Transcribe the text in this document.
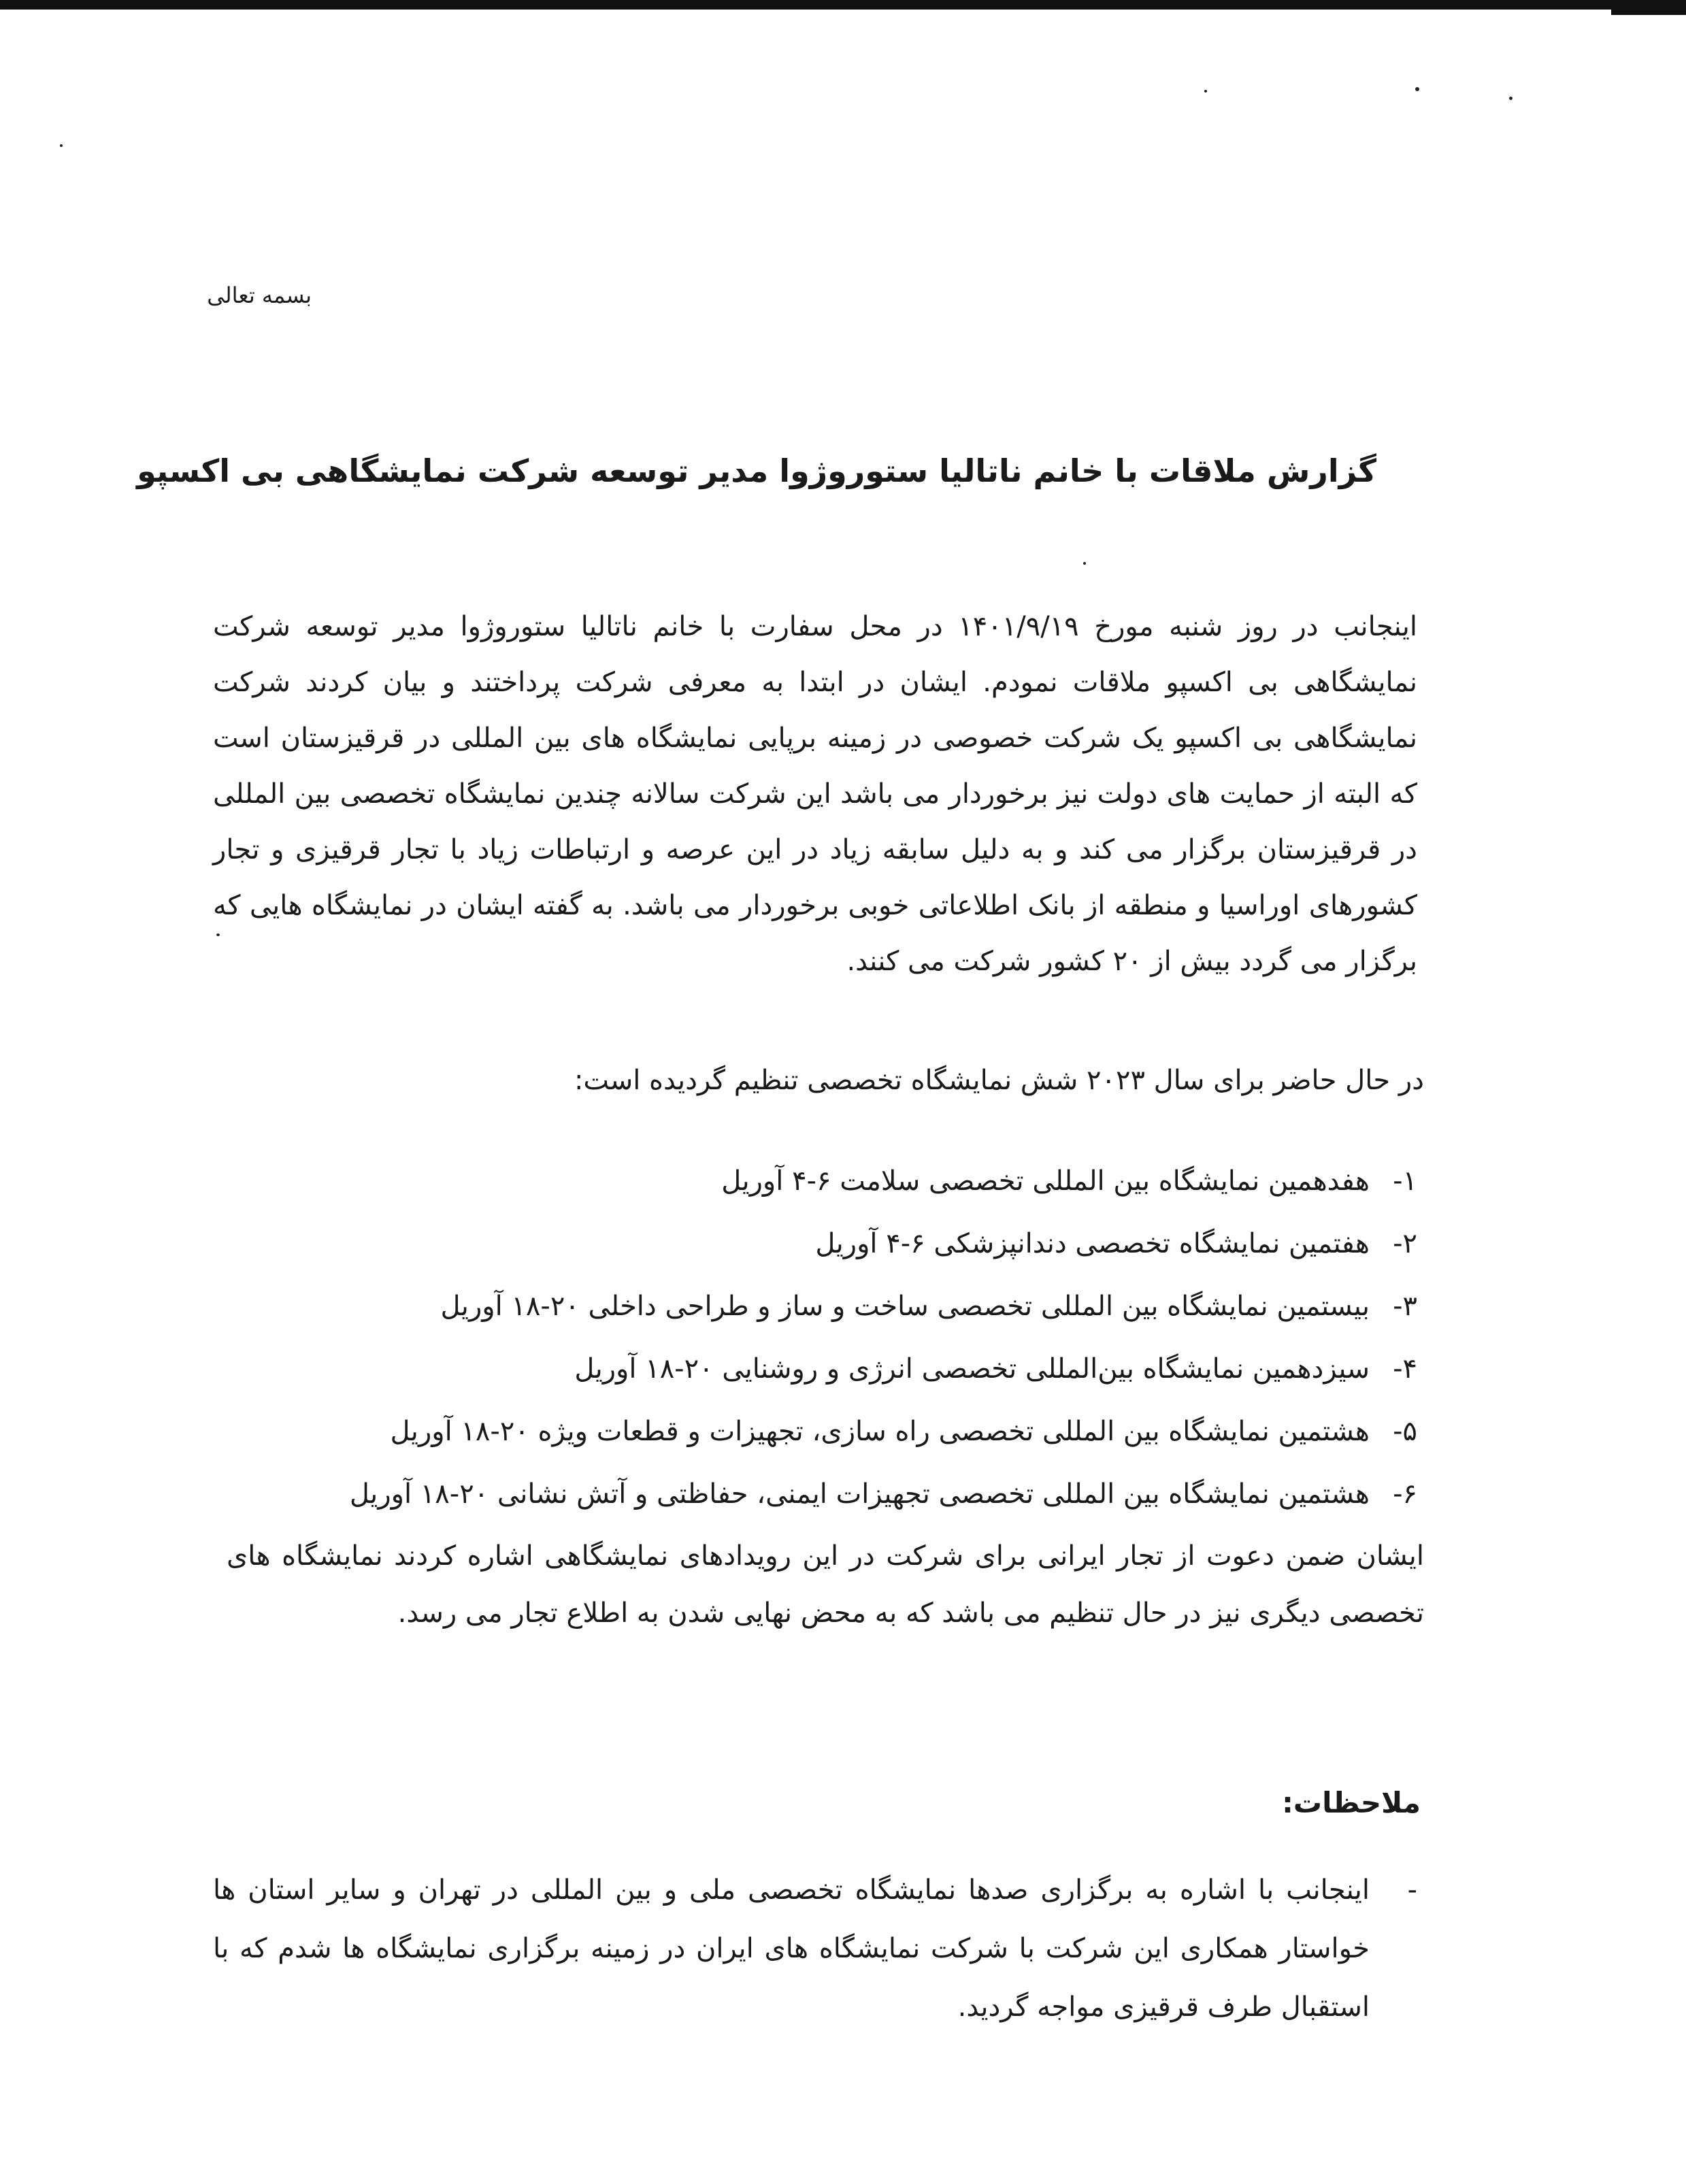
بسمه تعالی
گزارش ملاقات با خانم ناتالیا ستوروژوا مدیر توسعه شرکت نمایشگاهی بی اکسپو

اینجانب در روز شنبه مورخ ۱۴۰۱/۹/۱۹ در محل سفارت با خانم ناتالیا ستوروژوا مدیر توسعه شرکت نمایشگاهی بی اکسپو ملاقات نمودم. ایشان در ابتدا به معرفی شرکت پرداختند و بیان کردند شرکت نمایشگاهی بی اکسپو یک شرکت خصوصی در زمینه برپایی نمایشگاه های بین المللی در قرقیزستان است که البته از حمایت های دولت نیز برخوردار می باشد این شرکت سالانه چندین نمایشگاه تخصصی بین المللی در قرقیزستان برگزار می کند و به دلیل سابقه زیاد در این عرصه و ارتباطات زیاد با تجار قرقیزی و تجار کشورهای اوراسیا و منطقه از بانک اطلاعاتی خوبی برخوردار می باشد. به گفته ایشان در نمایشگاه هایی که برگزار می گردد بیش از ۲۰ کشور شرکت می کنند.

در حال حاضر برای سال ۲۰۲۳ شش نمایشگاه تخصصی تنظیم گردیده است:
۱-هفدهمین نمایشگاه بین المللی تخصصی سلامت ۶-۴ آوریل
۲-هفتمین نمایشگاه تخصصی دندانپزشکی ۶-۴ آوریل
۳-بیستمین نمایشگاه بین المللی تخصصی ساخت و ساز و طراحی داخلی ۲۰-۱۸ آوریل
۴-سیزدهمین نمایشگاه بین‌المللی تخصصی انرژی و روشنایی ۲۰-۱۸ آوریل
۵-هشتمین نمایشگاه بین المللی تخصصی راه سازی، تجهیزات و قطعات ویژه ۲۰-۱۸ آوریل
۶-هشتمین نمایشگاه بین المللی تخصصی تجهیزات ایمنی، حفاظتی و آتش نشانی ۲۰-۱۸ آوریل
ایشان ضمن دعوت از تجار ایرانی برای شرکت در این رویدادهای نمایشگاهی اشاره کردند نمایشگاه های تخصصی دیگری نیز در حال تنظیم می باشد که به محض نهایی شدن به اطلاع تجار می رسد.
ملاحظات:
-
اینجانب با اشاره به برگزاری صدها نمایشگاه تخصصی ملی و بین المللی در تهران و سایر استان ها خواستار همکاری این شرکت با شرکت نمایشگاه های ایران در زمینه برگزاری نمایشگاه ها شدم که با استقبال طرف قرقیزی مواجه گردید.
